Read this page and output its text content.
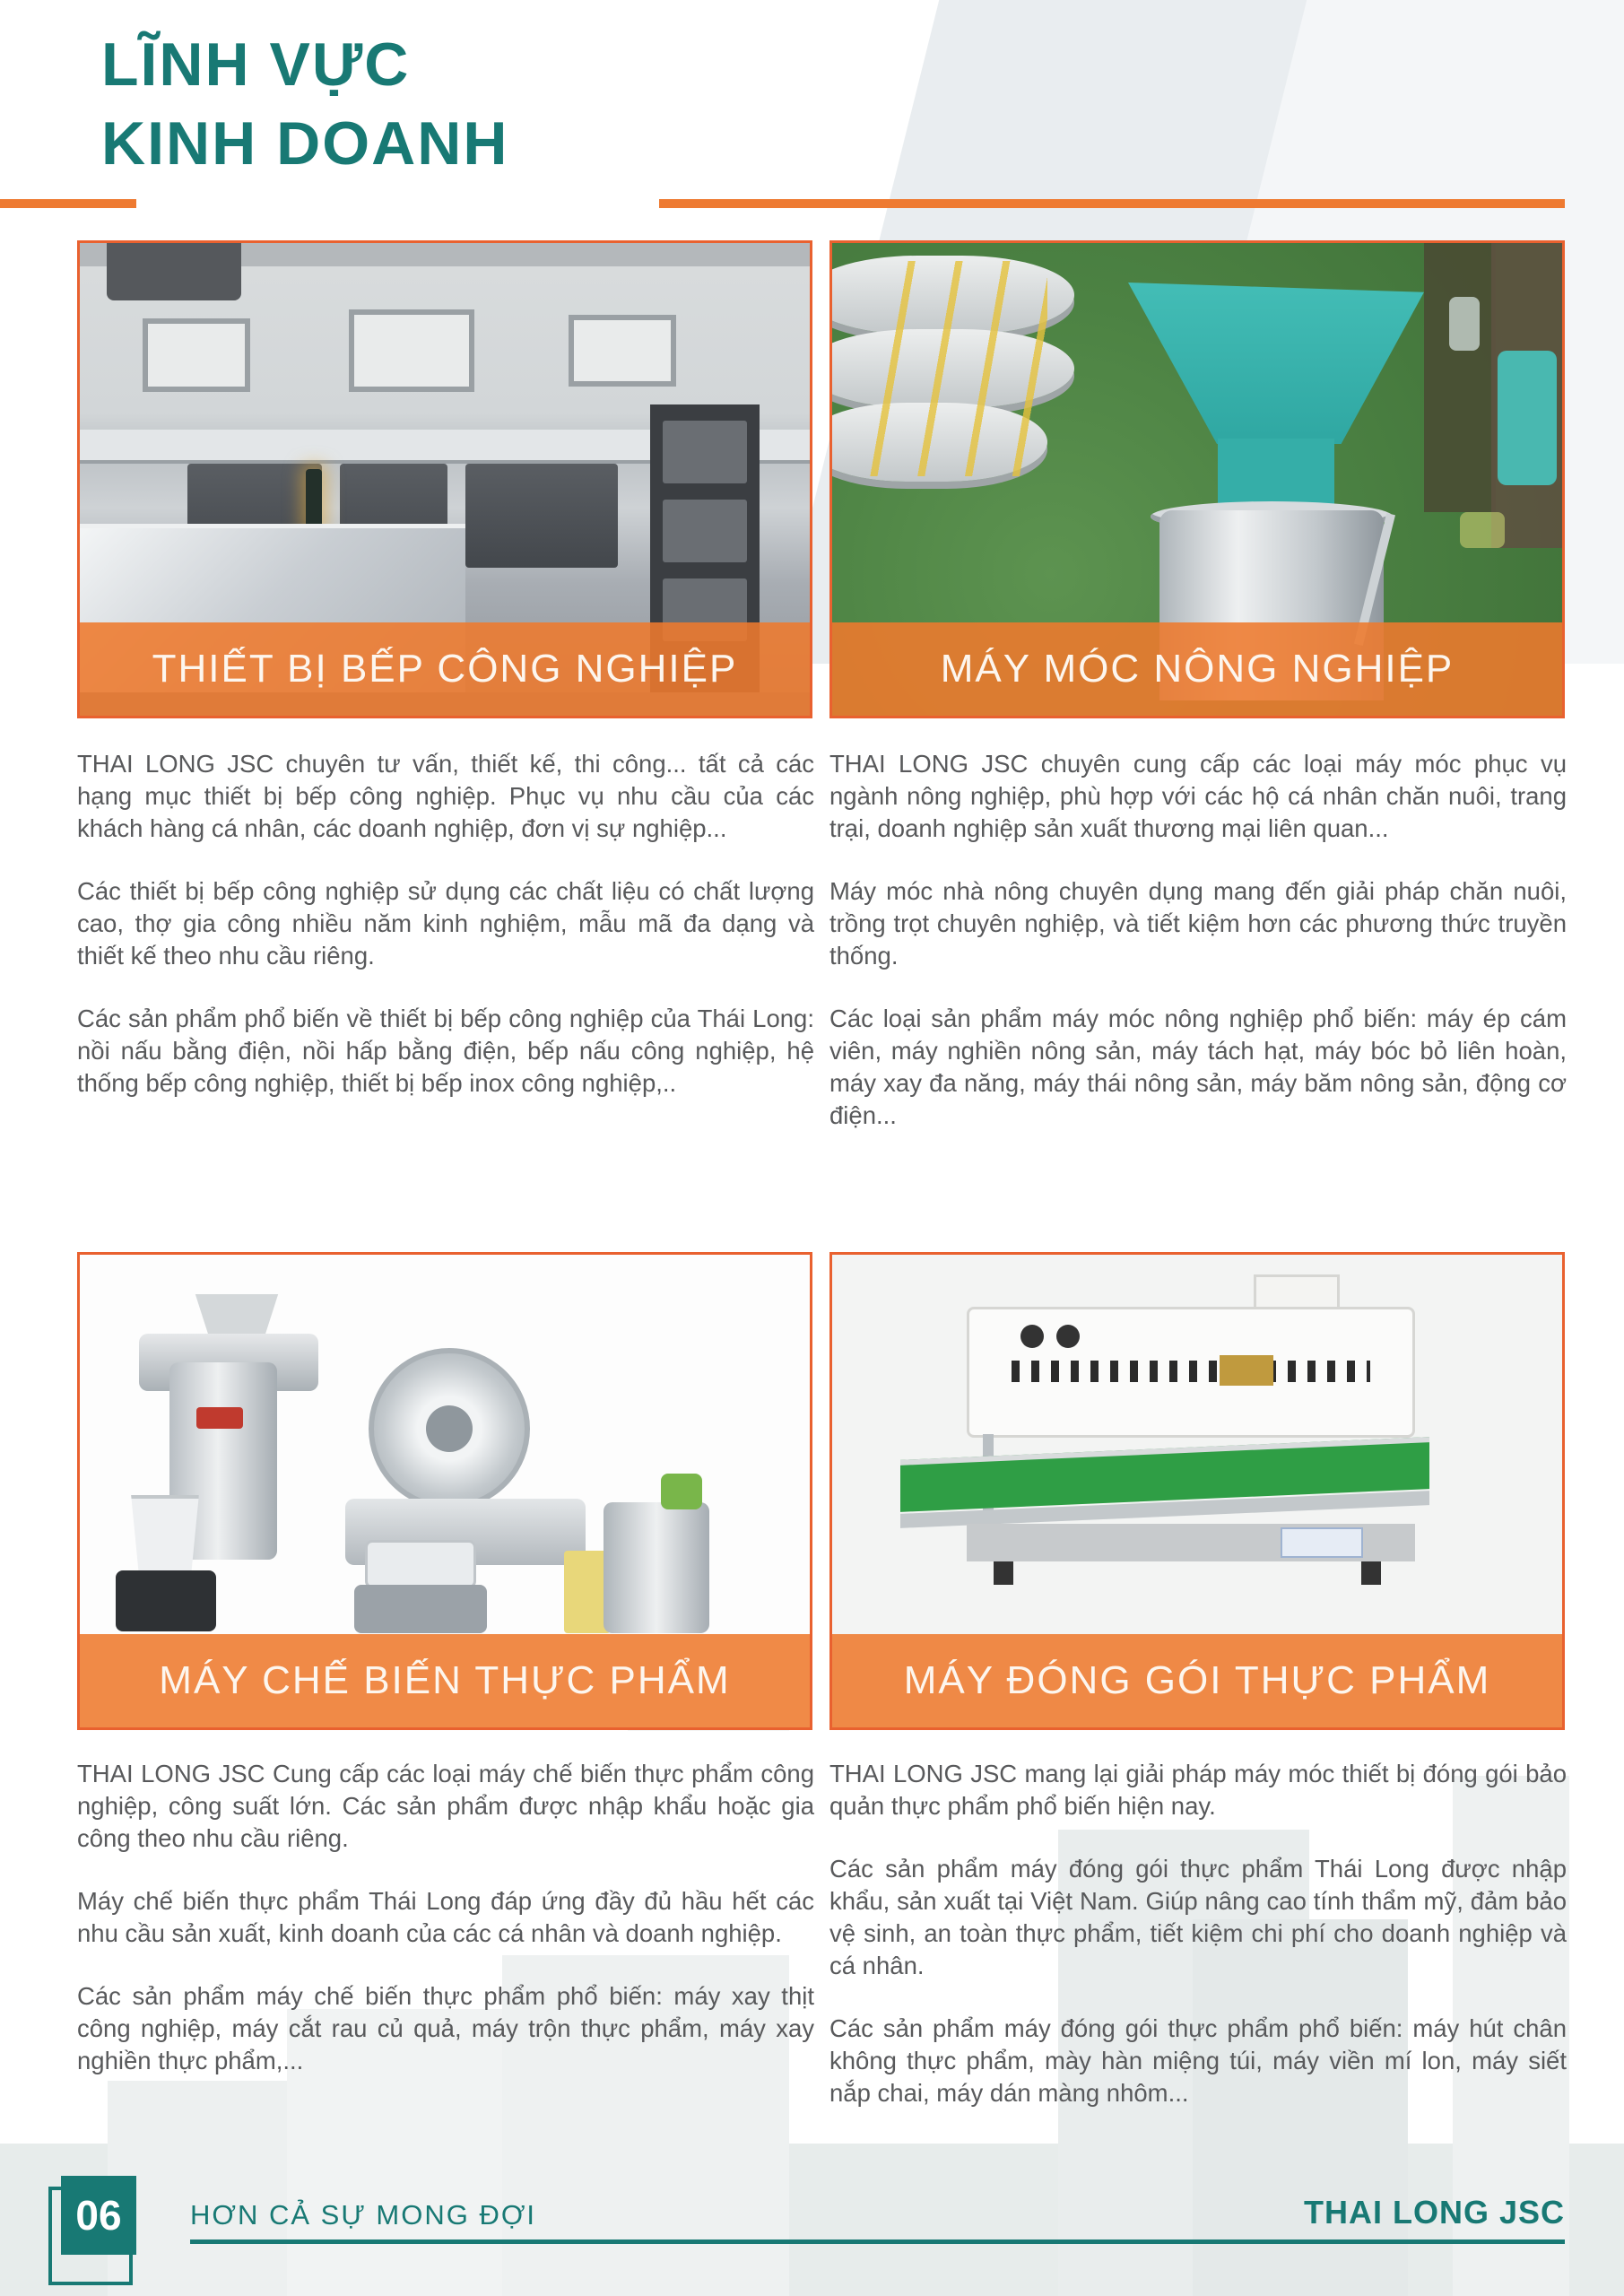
LĨNH VỰC
KINH DOANH
THIẾT BỊ BẾP CÔNG NGHIỆP	MÁY MÓC NÔNG NGHIỆP
MÁY CHẾ BIẾN THỰC PHẨM	MÁY ĐÓNG GÓI THỰC PHẨM

THAI LONG JSC chuyên tư vấn, thiết kế, thi công... tất cả các hạng mục thiết bị bếp công nghiệp. Phục vụ nhu cầu của các khách hàng cá nhân, các doanh nghiệp, đơn vị sự nghiệp...

Các thiết bị bếp công nghiệp sử dụng các chất liệu có chất lượng cao, thợ gia công nhiều năm kinh nghiệm, mẫu mã đa dạng và thiết kế theo nhu cầu riêng.

Các sản phẩm phổ biến về thiết bị bếp công nghiệp của Thái Long: nồi nấu bằng điện, nồi hấp bằng điện, bếp nấu công nghiệp, hệ thống bếp công nghiệp, thiết bị bếp inox công nghiệp,..

THAI LONG JSC chuyên cung cấp các loại máy móc phục vụ ngành nông nghiệp, phù hợp với các hộ cá nhân chăn nuôi, trang trại, doanh nghiệp sản xuất thương mại liên quan...

Máy móc nhà nông chuyên dụng mang đến giải pháp chăn nuôi, trồng trọt chuyên nghiệp, và tiết kiệm hơn các phương thức truyền thống.

Các loại sản phẩm máy móc nông nghiệp phổ biến: máy ép cám viên, máy nghiền nông sản, máy tách hạt, máy bóc bỏ liên hoàn, máy xay đa năng, máy thái nông sản, máy băm nông sản, động cơ điện...

THAI LONG JSC Cung cấp các loại máy chế biến thực phẩm công nghiệp, công suất lớn. Các sản phẩm được nhập khẩu hoặc gia công theo nhu cầu riêng.

Máy chế biến thực phẩm Thái Long đáp ứng đầy đủ hầu hết các nhu cầu sản xuất, kinh doanh của các cá nhân và doanh nghiệp.

Các sản phẩm máy chế biến thực phẩm phổ biến: máy xay thịt công nghiệp, máy cắt rau củ quả, máy trộn thực phẩm, máy xay nghiền thực phẩm,...

THAI LONG JSC mang lại giải pháp máy móc thiết bị đóng gói bảo quản thực phẩm phổ biến hiện nay.

Các sản phẩm máy đóng gói thực phẩm Thái Long được nhập khẩu, sản xuất tại Việt Nam. Giúp nâng cao tính thẩm mỹ, đảm bảo vệ sinh, an toàn thực phẩm, tiết kiệm chi phí cho doanh nghiệp và cá nhân.

Các sản phẩm máy đóng gói thực phẩm phổ biến: máy hút chân không thực phẩm, mày hàn miệng túi, máy viền mí lon, máy siết nắp chai, máy dán màng nhôm...

06 HƠN CẢ SỰ MONG ĐỢI	THAI LONG JSC
